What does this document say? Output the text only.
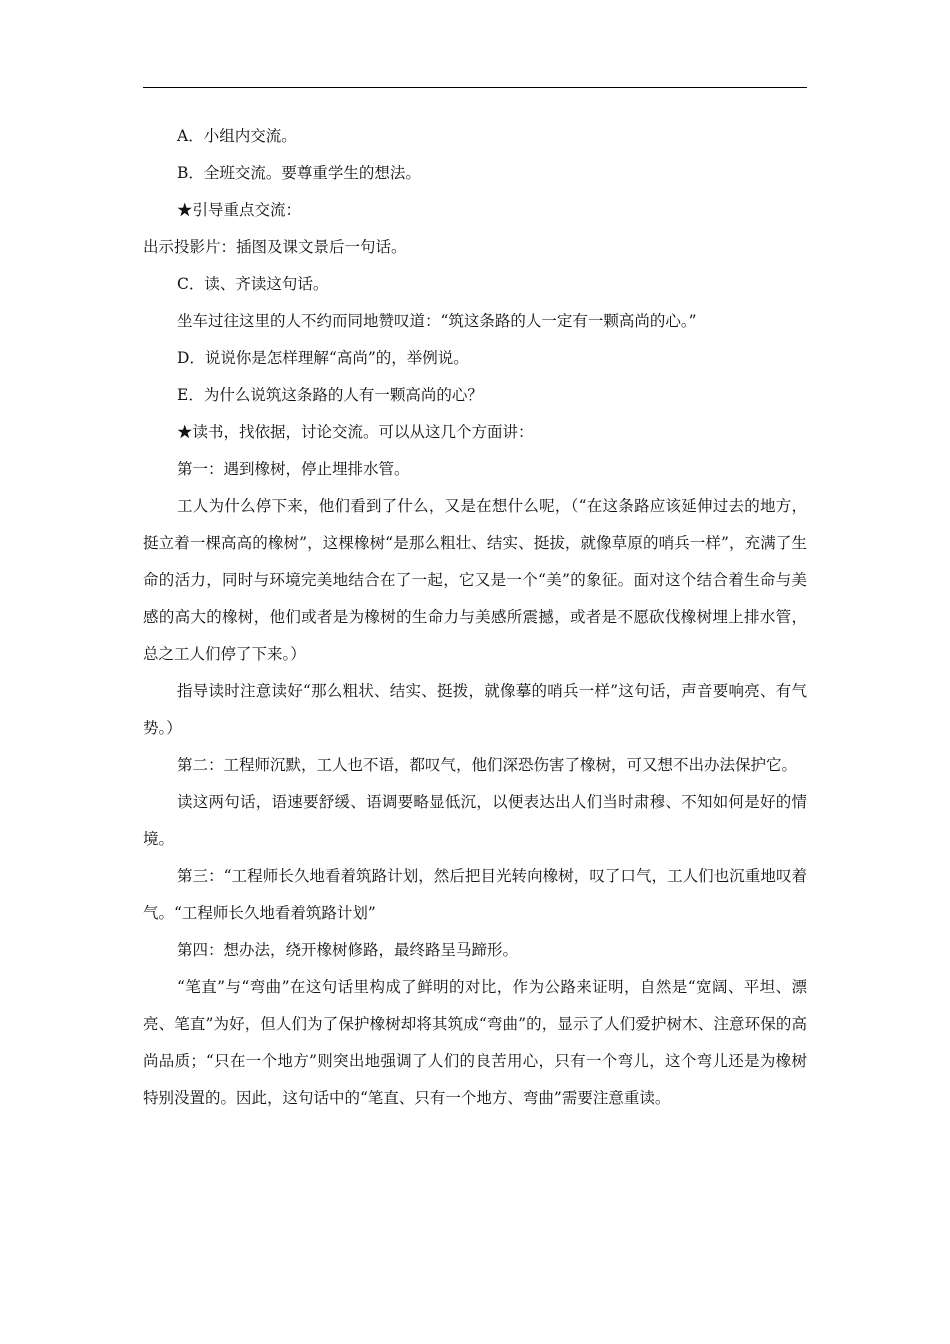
A．小组内交流。

B．全班交流。要尊重学生的想法。

★引导重点交流：

出示投影片：插图及课文景后一句话。

C．读、齐读这句话。

坐车过往这里的人不约而同地赞叹道：“筑这条路的人一定有一颗高尚的心。”

D．说说你是怎样理解“高尚”的，举例说。

E．为什么说筑这条路的人有一颗高尚的心？

★读书，找依据，讨论交流。可以从这几个方面讲：

第一：遇到橡树，停止埋排水管。

工人为什么停下来，他们看到了什么，又是在想什么呢，（“在这条路应该延伸过去的地方，挺立着一棵高高的橡树”，这棵橡树“是那么粗壮、结实、挺拔，就像草原的哨兵一样”，充满了生命的活力，同时与环境完美地结合在了一起，它又是一个“美”的象征。面对这个结合着生命与美感的高大的橡树，他们或者是为橡树的生命力与美感所震撼，或者是不愿砍伐橡树埋上排水管，总之工人们停了下来。）

指导读时注意读好“那么粗状、结实、挺拨，就像摹的哨兵一样”这句话，声音要响亮、有气势。）

第二：工程师沉默，工人也不语，都叹气，他们深恐伤害了橡树，可又想不出办法保护它。

读这两句话，语速要舒缓、语调要略显低沉，以便表达出人们当时肃穆、不知如何是好的情境。

第三：“工程师长久地看着筑路计划，然后把目光转向橡树，叹了口气，工人们也沉重地叹着气。“工程师长久地看着筑路计划”

第四：想办法，绕开橡树修路，最终路呈马蹄形。

“笔直”与“弯曲”在这句话里构成了鲜明的对比，作为公路来证明，自然是“宽阔、平坦、漂亮、笔直”为好，但人们为了保护橡树却将其筑成“弯曲”的，显示了人们爱护树木、注意环保的高尚品质；“只在一个地方”则突出地强调了人们的良苦用心，只有一个弯儿，这个弯儿还是为橡树特别没置的。因此，这句话中的“笔直、只有一个地方、弯曲”需要注意重读。
